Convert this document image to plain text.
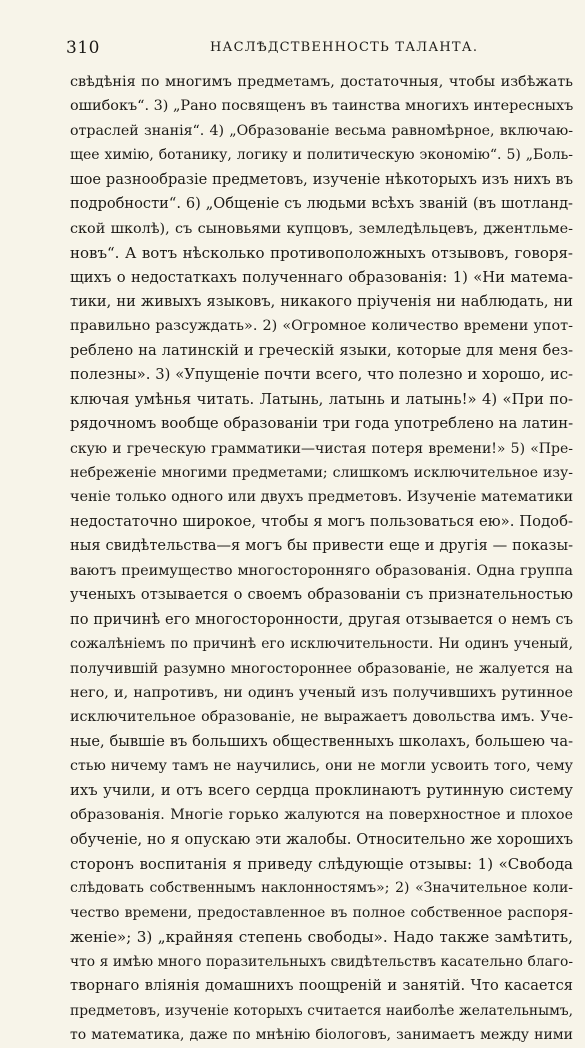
310	НАСЛѢДСТВЕННОСТЬ ТАЛАНТА.
свѣдѣнія по многимъ предметамъ, достаточныя, чтобы избѣжать
ошибокъ“. 3) „Рано посвященъ въ таинства многихъ интересныхъ
отраслей знанія“. 4) „Образованіе весьма равномѣрное, включаю-
щее химію, ботанику, логику и политическую экономію“. 5) „Боль-
шое разнообразіе предметовъ, изученіе нѣкоторыхъ изъ нихъ въ
подробности“. 6) „Общеніе съ людьми всѣхъ званій (въ шотланд-
ской школѣ), съ сыновьями купцовъ, земледѣльцевъ, джентльме-
новъ“. А вотъ нѣсколько противоположныхъ отзывовъ, говоря-
щихъ о недостаткахъ полученнаго образованія: 1) «Ни матема-
тики, ни живыхъ языковъ, никакого пріученія ни наблюдать, ни
правильно разсуждать». 2) «Огромное количество времени упот-
реблено на латинскій и греческій языки, которые для меня без-
полезны». 3) «Упущеніе почти всего, что полезно и хорошо, ис-
ключая умѣнья читать. Латынь, латынь и латынь!» 4) «При по-
рядочномъ вообще образованіи три года употреблено на латин-
скую и греческую грамматики—чистая потеря времени!» 5) «Пре-
небреженіе многими предметами; слишкомъ исключительное изу-
ченіе только одного или двухъ предметовъ. Изученіе математики
недостаточно широкое, чтобы я могъ пользоваться ею». Подоб-
ныя свидѣтельства—я могъ бы привести еще и другія — показы-
ваютъ преимущество многосторонняго образованія. Одна группа
ученыхъ отзывается о своемъ образованіи съ признательностью
по причинѣ его многосторонности, другая отзывается о немъ съ
сожалѣніемъ по причинѣ его исключительности. Ни одинъ ученый,
получившій разумно многостороннее образованіе, не жалуется на
него, и, напротивъ, ни одинъ ученый изъ получившихъ рутинное
исключительное образованіе, не выражаетъ довольства имъ. Уче-
ные, бывшіе въ большихъ общественныхъ школахъ, большею ча-
стью ничему тамъ не научились, они не могли усвоить того, чему
ихъ учили, и отъ всего сердца проклинаютъ рутинную систему
образованія. Многіе горько жалуются на поверхностное и плохое
обученіе, но я опускаю эти жалобы. Относительно же хорошихъ
сторонъ воспитанія я приведу слѣдующіе отзывы: 1) «Свобода
слѣдовать собственнымъ наклонностямъ»; 2) «Значительное коли-
чество времени, предоставленное въ полное собственное распоря-
женіе»; 3) „крайняя степень свободы». Надо также замѣтить,
что я имѣю много поразительныхъ свидѣтельствъ касательно благо-
творнаго вліянія домашнихъ поощреній и занятій. Что касается
предметовъ, изученіе которыхъ считается наиболѣе желательнымъ,
то математика, даже по мнѣнію біологовъ, занимаетъ между ними
